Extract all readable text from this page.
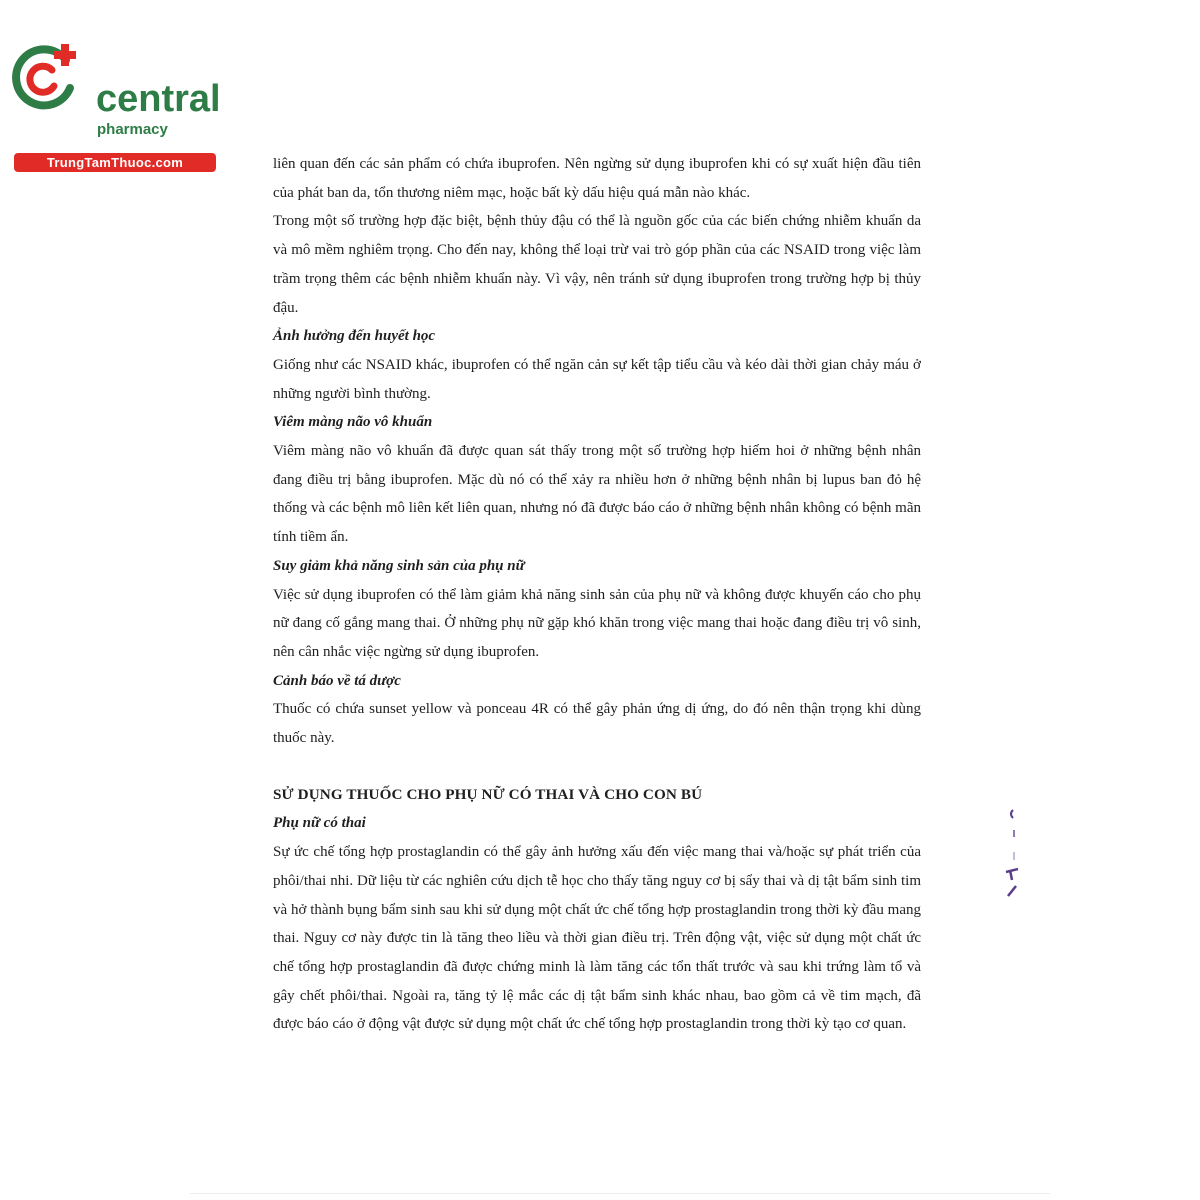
central
pharmacy
TrungTamThuoc.com	liên quan đến các sản phẩm có chứa ibuprofen. Nên ngừng sử dụng ibuprofen khi có sự xuất hiện đầu tiên của phát ban da, tổn thương niêm mạc, hoặc bất kỳ dấu hiệu quá mẫn nào khác.

Trong một số trường hợp đặc biệt, bệnh thủy đậu có thể là nguồn gốc của các biến chứng nhiễm khuẩn da và mô mềm nghiêm trọng. Cho đến nay, không thể loại trừ vai trò góp phần của các NSAID trong việc làm trầm trọng thêm các bệnh nhiễm khuẩn này. Vì vậy, nên tránh sử dụng ibuprofen trong trường hợp bị thủy đậu.

Ảnh hưởng đến huyết học

Giống như các NSAID khác, ibuprofen có thể ngăn cản sự kết tập tiểu cầu và kéo dài thời gian chảy máu ở những người bình thường.

Viêm màng não vô khuẩn

Viêm màng não vô khuẩn đã được quan sát thấy trong một số trường hợp hiếm hoi ở những bệnh nhân đang điều trị bằng ibuprofen. Mặc dù nó có thể xảy ra nhiều hơn ở những bệnh nhân bị lupus ban đỏ hệ thống và các bệnh mô liên kết liên quan, nhưng nó đã được báo cáo ở những bệnh nhân không có bệnh mãn tính tiềm ẩn.

Suy giảm khả năng sinh sản của phụ nữ

Việc sử dụng ibuprofen có thể làm giảm khả năng sinh sản của phụ nữ và không được khuyến cáo cho phụ nữ đang cố gắng mang thai. Ở những phụ nữ gặp khó khăn trong việc mang thai hoặc đang điều trị vô sinh, nên cân nhắc việc ngừng sử dụng ibuprofen.

Cảnh báo về tá dược

Thuốc có chứa sunset yellow và ponceau 4R có thể gây phản ứng dị ứng, do đó nên thận trọng khi dùng thuốc này.

SỬ DỤNG THUỐC CHO PHỤ NỮ CÓ THAI VÀ CHO CON BÚ

Phụ nữ có thai

Sự ức chế tổng hợp prostaglandin có thể gây ảnh hưởng xấu đến việc mang thai và/hoặc sự phát triển của phôi/thai nhi. Dữ liệu từ các nghiên cứu dịch tễ học cho thấy tăng nguy cơ bị sẩy thai và dị tật bẩm sinh tim và hở thành bụng bẩm sinh sau khi sử dụng một chất ức chế tổng hợp prostaglandin trong thời kỳ đầu mang thai. Nguy cơ này được tin là tăng theo liều và thời gian điều trị. Trên động vật, việc sử dụng một chất ức chế tổng hợp prostaglandin đã được chứng minh là làm tăng các tổn thất trước và sau khi trứng làm tổ và gây chết phôi/thai. Ngoài ra, tăng tỷ lệ mắc các dị tật bẩm sinh khác nhau, bao gồm cả về tim mạch, đã được báo cáo ở động vật được sử dụng một chất ức chế tổng hợp prostaglandin trong thời kỳ tạo cơ quan.
